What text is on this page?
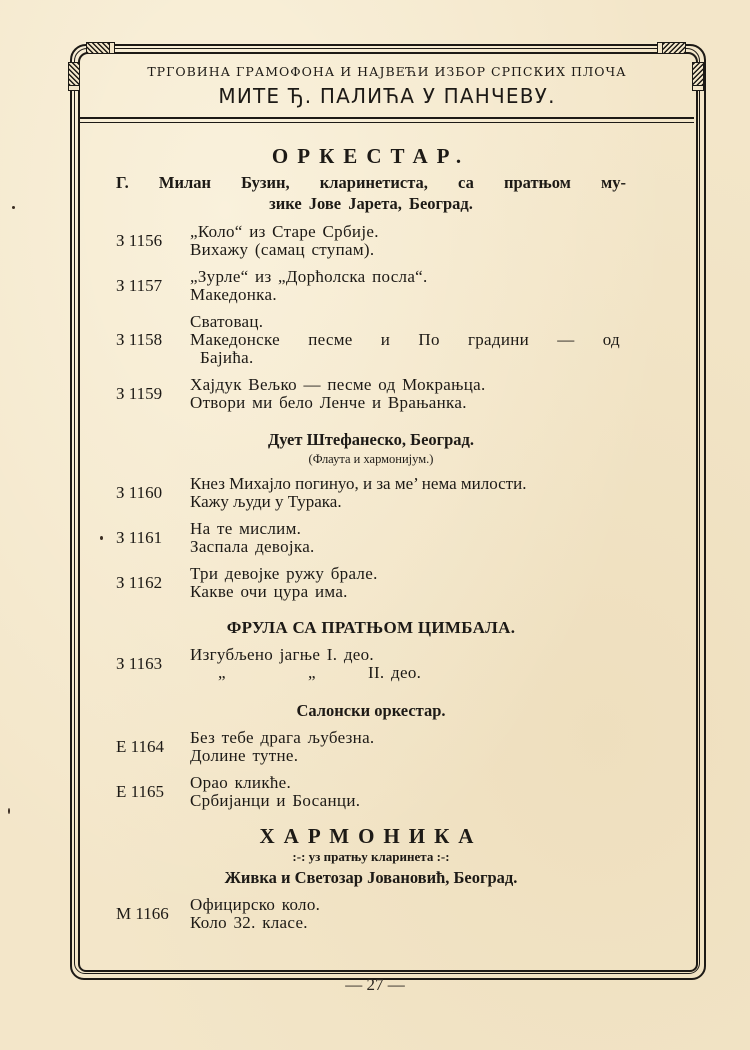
ТРГОВИНА ГРАМОФОНА И НАЈВЕЋИ ИЗБОР СРПСКИХ ПЛОЧА
МИТЕ Ђ. ПАЛИЋА У ПАНЧЕВУ.
ОРКЕСТАР.
Г. Милан Бузин, кларинетиста, са пратњом му-
зике Јове Јарета, Београд.
З 1156	„Коло“ из Старе Србије.
Вихажу (самац ступам).
З 1157	„Зурле“ из „Дорћолска посла“.
Македонка.
З 1158
Сватовац.
Македонске песме и По градини — од
Бајића.
З 1159	Хајдук Вељко — песме од Мокрањца.
Отвори ми бело Ленче и Врањанка.
Дует Штефанеско, Београд.
(Флаута и хармонијум.)
З 1160	Кнез Михајло погинуо, и за ме’ нема милости.
Кажу људи у Турака.
З 1161	На те мислим.
Заспала девојка.
З 1162	Три девојке ружу брале.
Какве очи цура има.
ФРУЛА СА ПРАТЊОМ ЦИМБАЛА.
З 1163	Изгубљено јагње I. део.
„	„	II. део.
Салонски оркестар.
Е 1164	Без тебе драга љубезна.
Долине тутне.
Е 1165	Орао кликће.
Србијанци и Босанци.
ХАРМОНИКА
:-: уз пратњу кларинета :-:
Живка и Светозар Јовановић, Београд.
М 1166	Официрско коло.
Коло 32. класе.
— 27 —
